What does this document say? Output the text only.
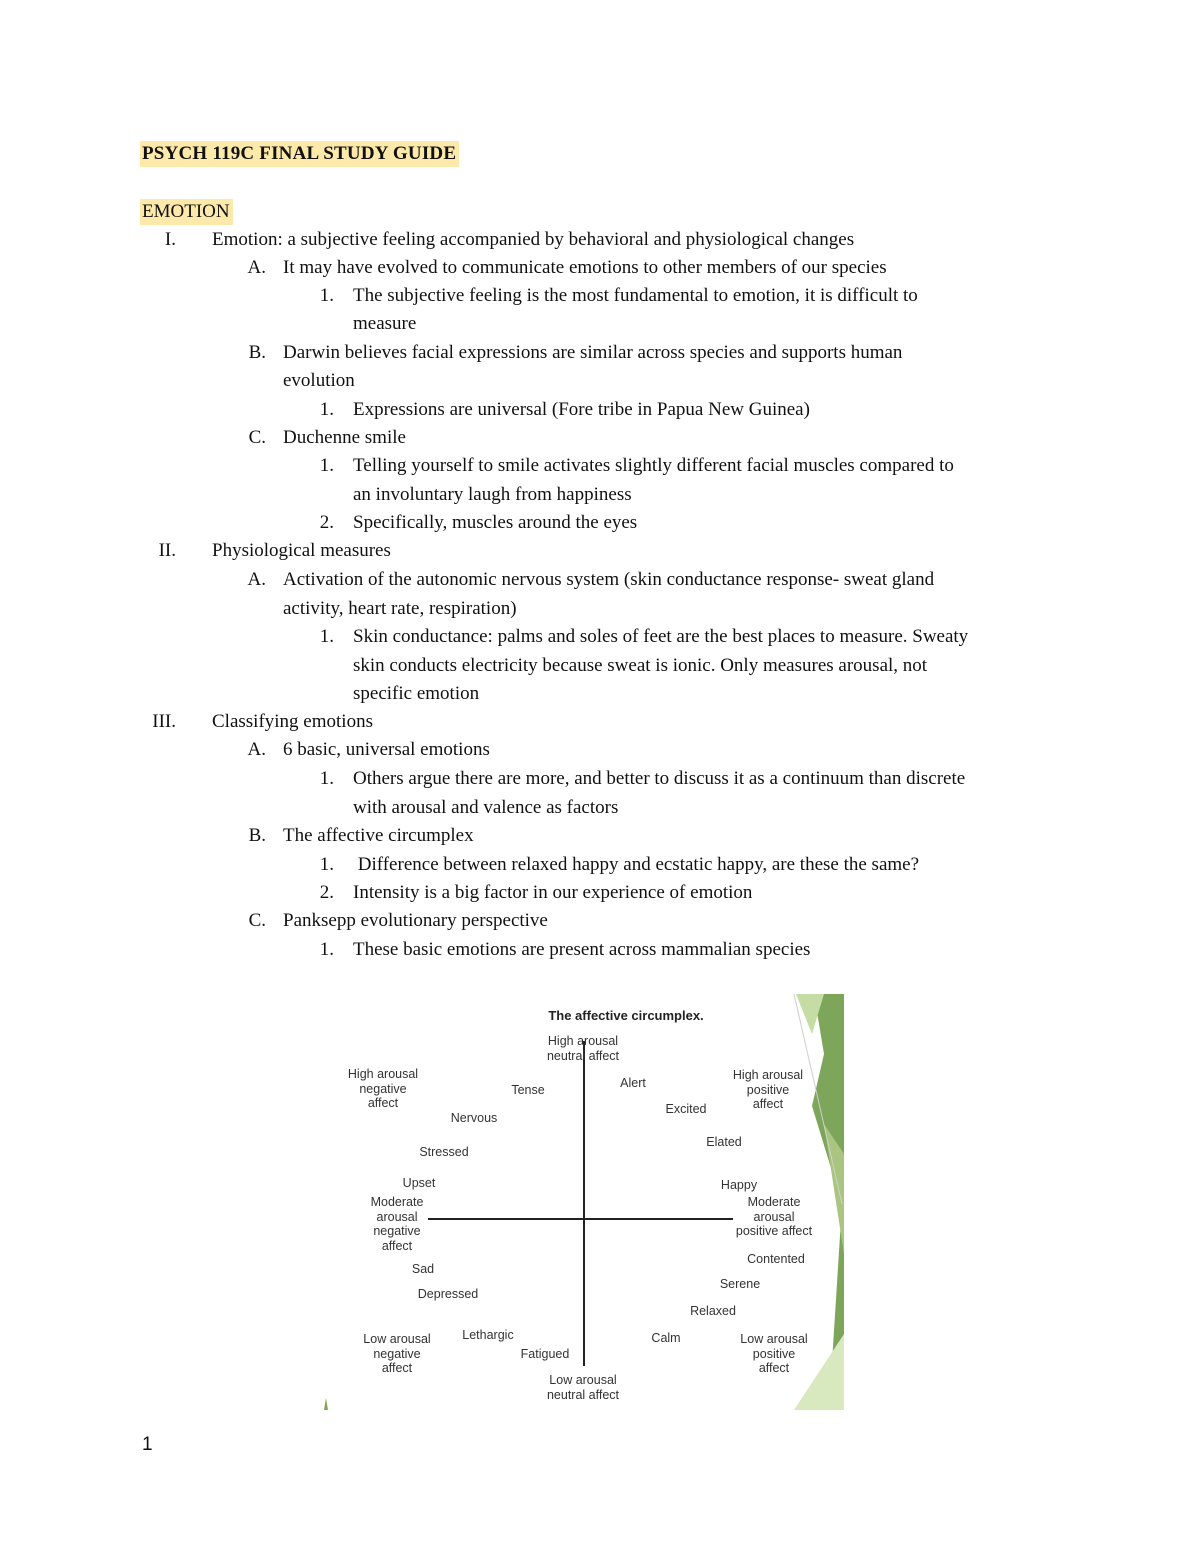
PSYCH 119C FINAL STUDY GUIDE
EMOTION
I. Emotion: a subjective feeling accompanied by behavioral and physiological changes
A. It may have evolved to communicate emotions to other members of our species
1. The subjective feeling is the most fundamental to emotion, it is difficult to
measure
B. Darwin believes facial expressions are similar across species and supports human
evolution
1. Expressions are universal (Fore tribe in Papua New Guinea)
C. Duchenne smile
1. Telling yourself to smile activates slightly different facial muscles compared to
an involuntary laugh from happiness
2. Specifically, muscles around the eyes
II. Physiological measures
A. Activation of the autonomic nervous system (skin conductance response- sweat gland
activity, heart rate, respiration)
1. Skin conductance: palms and soles of feet are the best places to measure. Sweaty
skin conducts electricity because sweat is ionic. Only measures arousal, not
specific emotion
III. Classifying emotions
A. 6 basic, universal emotions
1. Others argue there are more, and better to discuss it as a continuum than discrete
with arousal and valence as factors
B. The affective circumplex
1. Difference between relaxed happy and ecstatic happy, are these the same?
2. Intensity is a big factor in our experience of emotion
C. Panksepp evolutionary perspective
1. These basic emotions are present across mammalian species
The affective circumplex.
High arousal
neutral affect
High arousal
negative
affect
High arousal
positive
affect
Tense	Alert
Nervous
Excited
Stressed
Elated
Upset	Happy
Moderate
arousal
negative
affect
Moderate
arousal
positive affect
Contented
Sad
Serene
Depressed
Relaxed
Low arousal
negative
affect
Lethargic
Fatigued
Calm	Low arousal
positive
affect
Low arousal
neutral affect
1
